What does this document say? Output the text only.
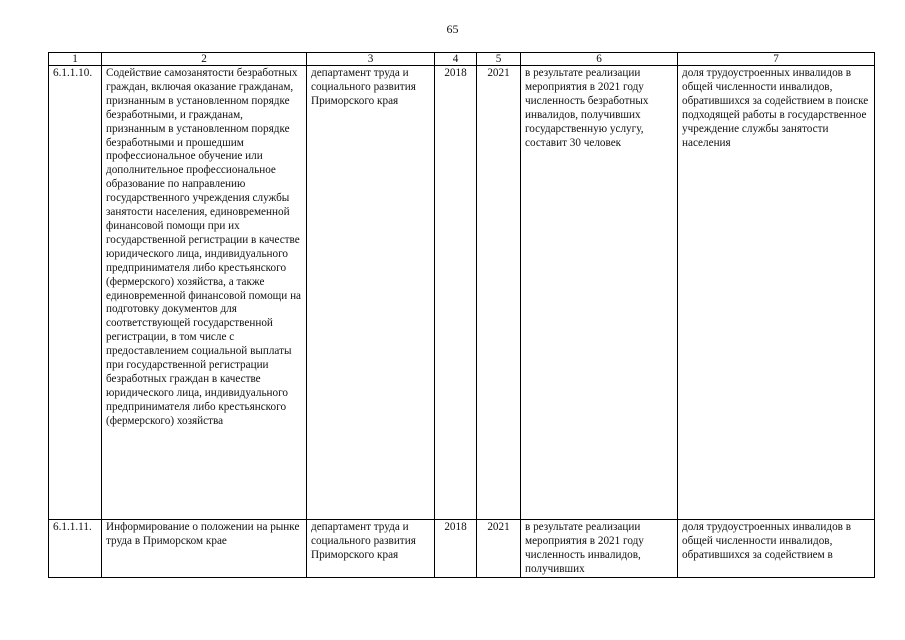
65
1	2	3	4	5	6	7

6.1.1.10.	Содействие самозанятости безработных граждан, включая оказание гражданам, признанным в установленном порядке безработными, и гражданам, признанным в установленном порядке безработными и прошедшим профессиональное обучение или дополнительное профессиональное образование по направлению государственного учреждения службы занятости населения, единовременной финансовой помощи при их государственной регистрации в качестве юридического лица, индивидуального предпринимателя либо крестьянского (фермерского) хозяйства, а также единовременной финансовой помощи на подготовку документов для соответствующей государственной регистрации, в том числе с предоставлением социальной выплаты при государственной регистрации безработных граждан в качестве юридического лица, индивидуального предпринимателя либо крестьянского (фермерского) хозяйства	департамент труда и социального развития Приморского края	2018	2021	в результате реализации мероприятия в 2021 году численность безработных инвалидов, получивших государственную услугу, составит 30 человек	доля трудоустроенных инвалидов в общей численности инвалидов, обратившихся за содействием в поиске подходящей работы в государственное учреждение службы занятости населения

6.1.1.11.	Информирование о положении на рынке труда в Приморском крае	департамент труда и социального развития Приморского края	2018	2021	в результате реализации мероприятия в 2021 году численность инвалидов, получивших	доля трудоустроенных инвалидов в общей численности инвалидов, обратившихся за содействием в
